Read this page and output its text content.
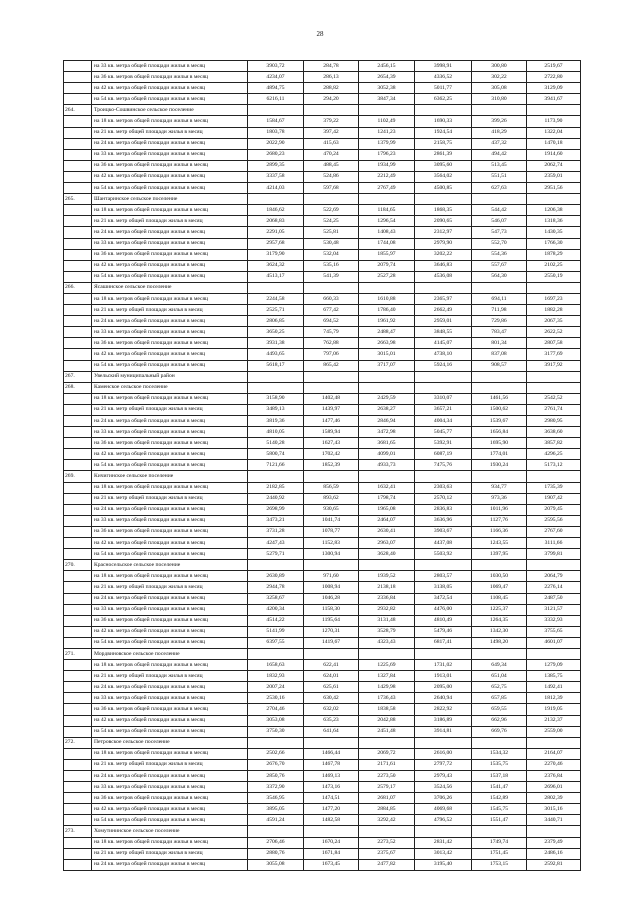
28
	на 33 кв. метра общей площади жилья в месяц	3903,72	284,78	2456,15	3998,91	300,80	2519,67
	на 36 кв. метров общей площади жилья в месяц	4234,07	286,13	2654,39	4336,52	302,22	2722,80
	на 42 кв. метра общей площади жилья в месяц	4894,75	288,82	3052,38	5011,77	305,08	3129,09
	на 54 кв. метра общей площади жилья в месяц	6216,11	294,20	3847,34	6362,25	310,80	3941,67
264.	Троицко-Сошвинское сельское поселение						
	на 18 кв. метров общей площади жилья в месяц	1584,67	379,22	1102,49	1690,33	399,26	1173,90
	на 21 кв. метр общей площади жилья в месяц	1803,78	397,42	1241,23	1924,54	418,29	1322,04
	на 24 кв. метра общей площади жилья в месяц	2022,90	415,63	1379,99	2158,75	437,32	1470,18
	на 33 кв. метра общей площади жилья в месяц	2680,23	470,24	1796,23	2861,39	494,42	1914,60
	на 36 кв. метров общей площади жилья в месяц	2899,35	488,45	1934,99	3095,60	513,45	2062,74
	на 42 кв. метра общей площади жилья в месяц	3337,58	524,86	2212,49	3564,02	551,51	2359,01
	на 54 кв. метра общей площади жилья в месяц	4214,03	597,68	2767,49	4500,85	627,63	2951,56
265.	Шантаринское сельское поселение						
	на 18 кв. метров общей площади жилья в месяц	1846,62	522,69	1184,65	1868,35	544,42	1206,38
	на 21 кв. метр общей площади жилья в месяц	2068,83	524,25	1296,54	2090,65	546,07	1318,36
	на 24 кв. метра общей площади жилья в месяц	2291,05	525,81	1408,43	2312,97	547,73	1430,35
	на 33 кв. метра общей площади жилья в месяц	2957,68	530,48	1744,08	2979,90	552,70	1766,30
	на 36 кв. метров общей площади жилья в месяц	3179,90	532,04	1855,97	3202,22	554,36	1878,29
	на 42 кв. метра общей площади жилья в месяц	3624,32	535,16	2079,74	3646,83	557,67	2102,25
	на 54 кв. метра общей площади жилья в месяц	4513,17	541,39	2527,28	4536,08	564,30	2550,19
266.	Ясашинское сельское поселение						
	на 18 кв. метров общей площади жилья в месяц	2244,58	660,33	1610,88	2365,97	694,11	1697,23
	на 21 кв. метр общей площади жилья в месяц	2525,71	677,42	1786,40	2662,49	711,98	1882,28
	на 24 кв. метра общей площади жилья в месяц	2806,85	694,52	1961,92	2959,01	729,86	2067,35
	на 33 кв. метра общей площади жилья в месяц	3650,25	745,79	2488,47	3848,55	783,47	2622,52
	на 36 кв. метров общей площади жилья в месяц	3931,38	762,88	2663,98	4145,07	801,34	2807,58
	на 42 кв. метра общей площади жилья в месяц	4493,65	797,06	3015,01	4738,10	837,08	3177,69
	на 54 кв. метра общей площади жилья в месяц	5618,17	865,42	3717,07	5924,16	908,57	3917,92
267.	Увельский муниципальный район						
268.	Каменское сельское поселение						
	на 18 кв. метров общей площади жилья в месяц	3158,90	1402,48	2429,59	3310,07	1461,56	2542,52
	на 21 кв. метр общей площади жилья в месяц	3489,13	1439,97	2638,27	3657,21	1500,62	2761,74
	на 24 кв. метра общей площади жилья в месяц	3819,36	1477,46	2846,94	4004,34	1539,67	2980,95
	на 33 кв. метра общей площади жилья в месяц	4810,05	1589,94	3472,98	5045,77	1656,84	3638,60
	на 36 кв. метров общей площади жилья в месяц	5140,28	1627,43	3681,65	5392,91	1695,90	3857,82
	на 42 кв. метра общей площади жилья в месяц	5800,74	1702,42	4099,01	6087,19	1774,01	4296,25
	на 54 кв. метра общей площади жилья в месяц	7121,66	1852,39	4933,73	7475,76	1930,24	5173,12
269.	Кичигинское сельское поселение						
	на 18 кв. метров общей площади жилья в месяц	2182,85	856,59	1632,41	2303,63	934,77	1735,39
	на 21 кв. метр общей площади жилья в месяц	2440,92	893,62	1798,74	2570,12	973,36	1907,42
	на 24 кв. метра общей площади жилья в месяц	2698,99	930,65	1965,08	2836,83	1011,96	2079,45
	на 33 кв. метра общей площади жилья в месяц	3473,21	1041,74	2464,07	3636,96	1127,76	2595,56
	на 36 кв. метров общей площади жилья в месяц	3731,28	1078,77	2630,41	3903,67	1166,36	2767,60
	на 42 кв. метра общей площади жилья в месяц	4247,43	1152,83	2963,07	4437,08	1243,55	3111,66
	на 54 кв. метра общей площади жилья в месяц	5279,71	1300,94	3628,40	5503,92	1397,95	3799,81
270.	Красносельское сельское поселение						
	на 18 кв. метров общей площади жилья в месяц	2630,89	971,60	1939,52	2803,57	1030,50	2064,79
	на 21 кв. метр общей площади жилья в месяц	2944,78	1008,94	2138,18	3138,05	1069,47	2276,14
	на 24 кв. метра общей площади жилья в месяц	3258,67	1046,28	2336,84	3472,54	1108,45	2487,50
	на 33 кв. метра общей площади жилья в месяц	4200,34	1158,30	2932,82	4476,00	1225,37	3121,57
	на 36 кв. метров общей площади жилья в месяц	4514,22	1195,64	3131,48	4810,49	1264,35	3332,93
	на 42 кв. метра общей площади жилья в месяц	5141,99	1270,31	3528,79	5479,46	1342,30	3755,65
	на 54 кв. метра общей площади жилья в месяц	6397,55	1419,67	4323,43	6817,41	1498,20	4601,07
271.	Мордвиновское сельское поселение						
	на 18 кв. метров общей площади жилья в месяц	1658,63	622,41	1225,69	1731,02	649,34	1279,09
	на 21 кв. метр общей площади жилья в месяц	1832,93	624,01	1327,84	1913,01	651,04	1385,75
	на 24 кв. метра общей площади жилья в месяц	2007,24	625,61	1429,98	2095,00	652,75	1492,41
	на 33 кв. метра общей площади жилья в месяц	2530,16	630,42	1736,43	2640,94	657,85	1812,39
	на 36 кв. метров общей площади жилья в месяц	2704,46	632,02	1838,58	2822,92	659,55	1919,05
	на 42 кв. метра общей площади жилья в месяц	3053,08	635,23	2042,88	3186,89	662,96	2132,37
	на 54 кв. метра общей площади жилья в месяц	3750,30	641,64	2451,48	3914,81	669,76	2559,00
272.	Петровское сельское поселение						
	на 18 кв. метров общей площади жилья в месяц	2502,66	1466,44	2069,72	2616,00	1534,32	2164,07
	на 21 кв. метр общей площади жилья в месяц	2676,70	1467,78	2171,61	2797,72	1535,75	2270,46
	на 24 кв. метра общей площади жилья в месяц	2850,76	1469,13	2273,50	2979,43	1537,18	2376,84
	на 33 кв. метра общей площади жилья в месяц	3372,90	1473,16	2579,17	3524,56	1541,47	2696,01
	на 36 кв. метров общей площади жилья в месяц	3546,95	1474,51	2681,07	3706,26	1542,89	2802,39
	на 42 кв. метра общей площади жилья в месяц	3895,05	1477,20	2884,85	4069,68	1545,75	3015,16
	на 54 кв. метра общей площади жилья в месяц	4591,24	1482,58	3292,42	4796,52	1551,47	3440,71
273.	Хомутининское сельское поселение						
	на 18 кв. метров общей площади жилья в месяц	2706,46	1670,24	2273,52	2831,42	1749,74	2379,49
	на 21 кв. метр общей площади жилья в месяц	2880,76	1671,84	2375,67	3013,42	1751,45	2486,16
	на 24 кв. метра общей площади жилья в месяц	3055,08	1673,45	2477,82	3195,40	1753,15	2592,81
